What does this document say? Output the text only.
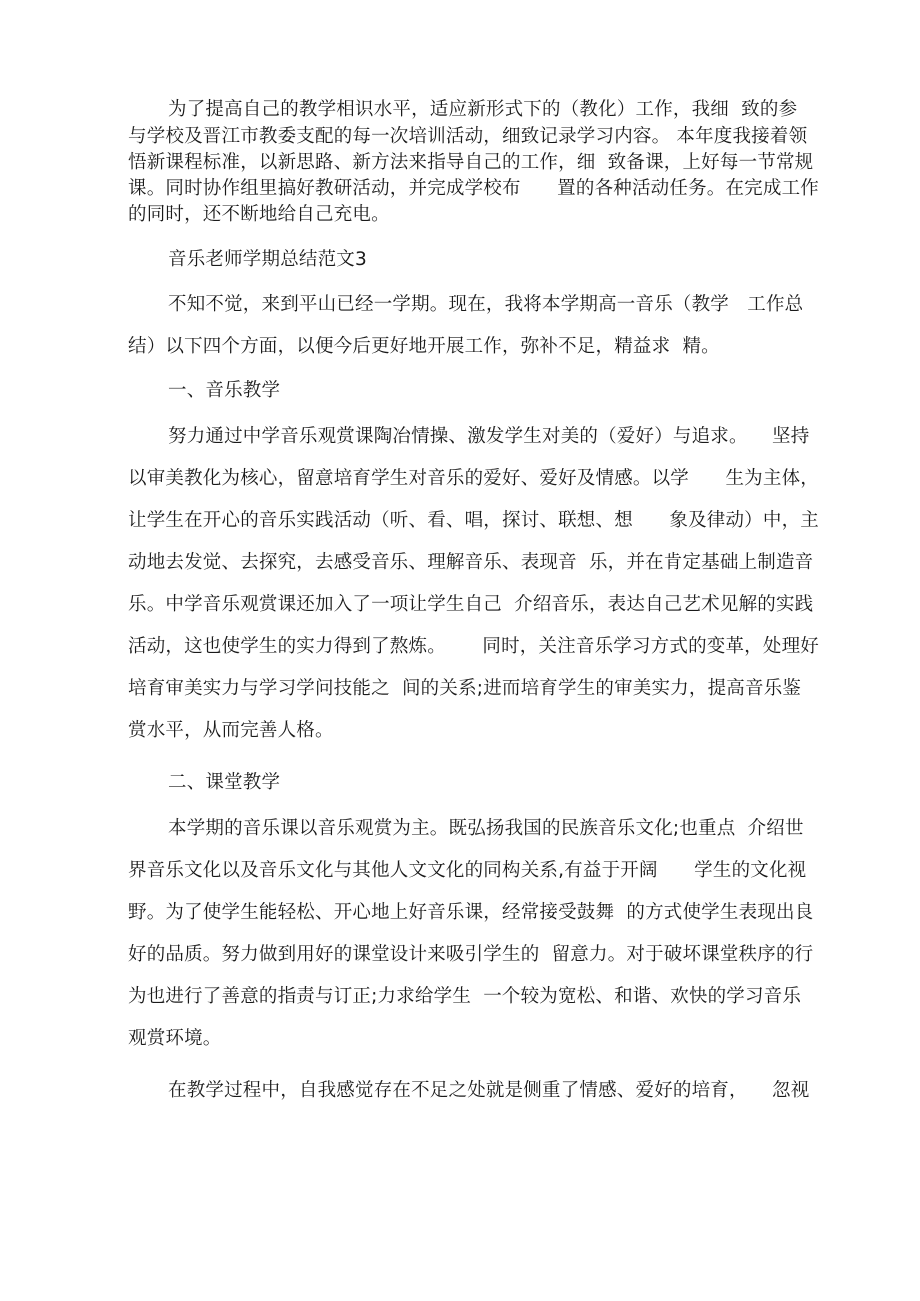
为了提高自己的教学相识水平，适应新形式下的（教化）工作，我细  致的参
与学校及晋江市教委支配的每一次培训活动，细致记录学习内容。 本年度我接着领
悟新课程标准，以新思路、新方法来指导自己的工作，细  致备课，上好每一节常规
课。同时协作组里搞好教研活动，并完成学校布      置的各种活动任务。在完成工作
的同时，还不断地给自己充电。
音乐老师学期总结范文3
不知不觉，来到平山已经一学期。现在，我将本学期高一音乐（教学   工作总
结）以下四个方面，以便今后更好地开展工作，弥补不足，精益求  精。
一、音乐教学
努力通过中学音乐观赏课陶冶情操、激发学生对美的（爱好）与追求。    坚持
以审美教化为核心，留意培育学生对音乐的爱好、爱好及情感。以学      生为主体，
让学生在开心的音乐实践活动（听、看、唱，探讨、联想、想      象及律动）中，主
动地去发觉、去探究，去感受音乐、理解音乐、表现音  乐，并在肯定基础上制造音
乐。中学音乐观赏课还加入了一项让学生自己  介绍音乐，表达自己艺术见解的实践
活动，这也使学生的实力得到了熬炼。      同时，关注音乐学习方式的变革，处理好
培育审美实力与学习学问技能之  间的关系;进而培育学生的审美实力，提高音乐鉴
赏水平，从而完善人格。
二、课堂教学
本学期的音乐课以音乐观赏为主。既弘扬我国的民族音乐文化;也重点  介绍世
界音乐文化以及音乐文化与其他人文文化的同构关系,有益于开阔      学生的文化视
野。为了使学生能轻松、开心地上好音乐课，经常接受鼓舞  的方式使学生表现出良
好的品质。努力做到用好的课堂设计来吸引学生的  留意力。对于破坏课堂秩序的行
为也进行了善意的指责与订正;力求给学生  一个较为宽松、和谐、欢快的学习音乐
观赏环境。
在教学过程中，自我感觉存在不足之处就是侧重了情感、爱好的培育，    忽视
